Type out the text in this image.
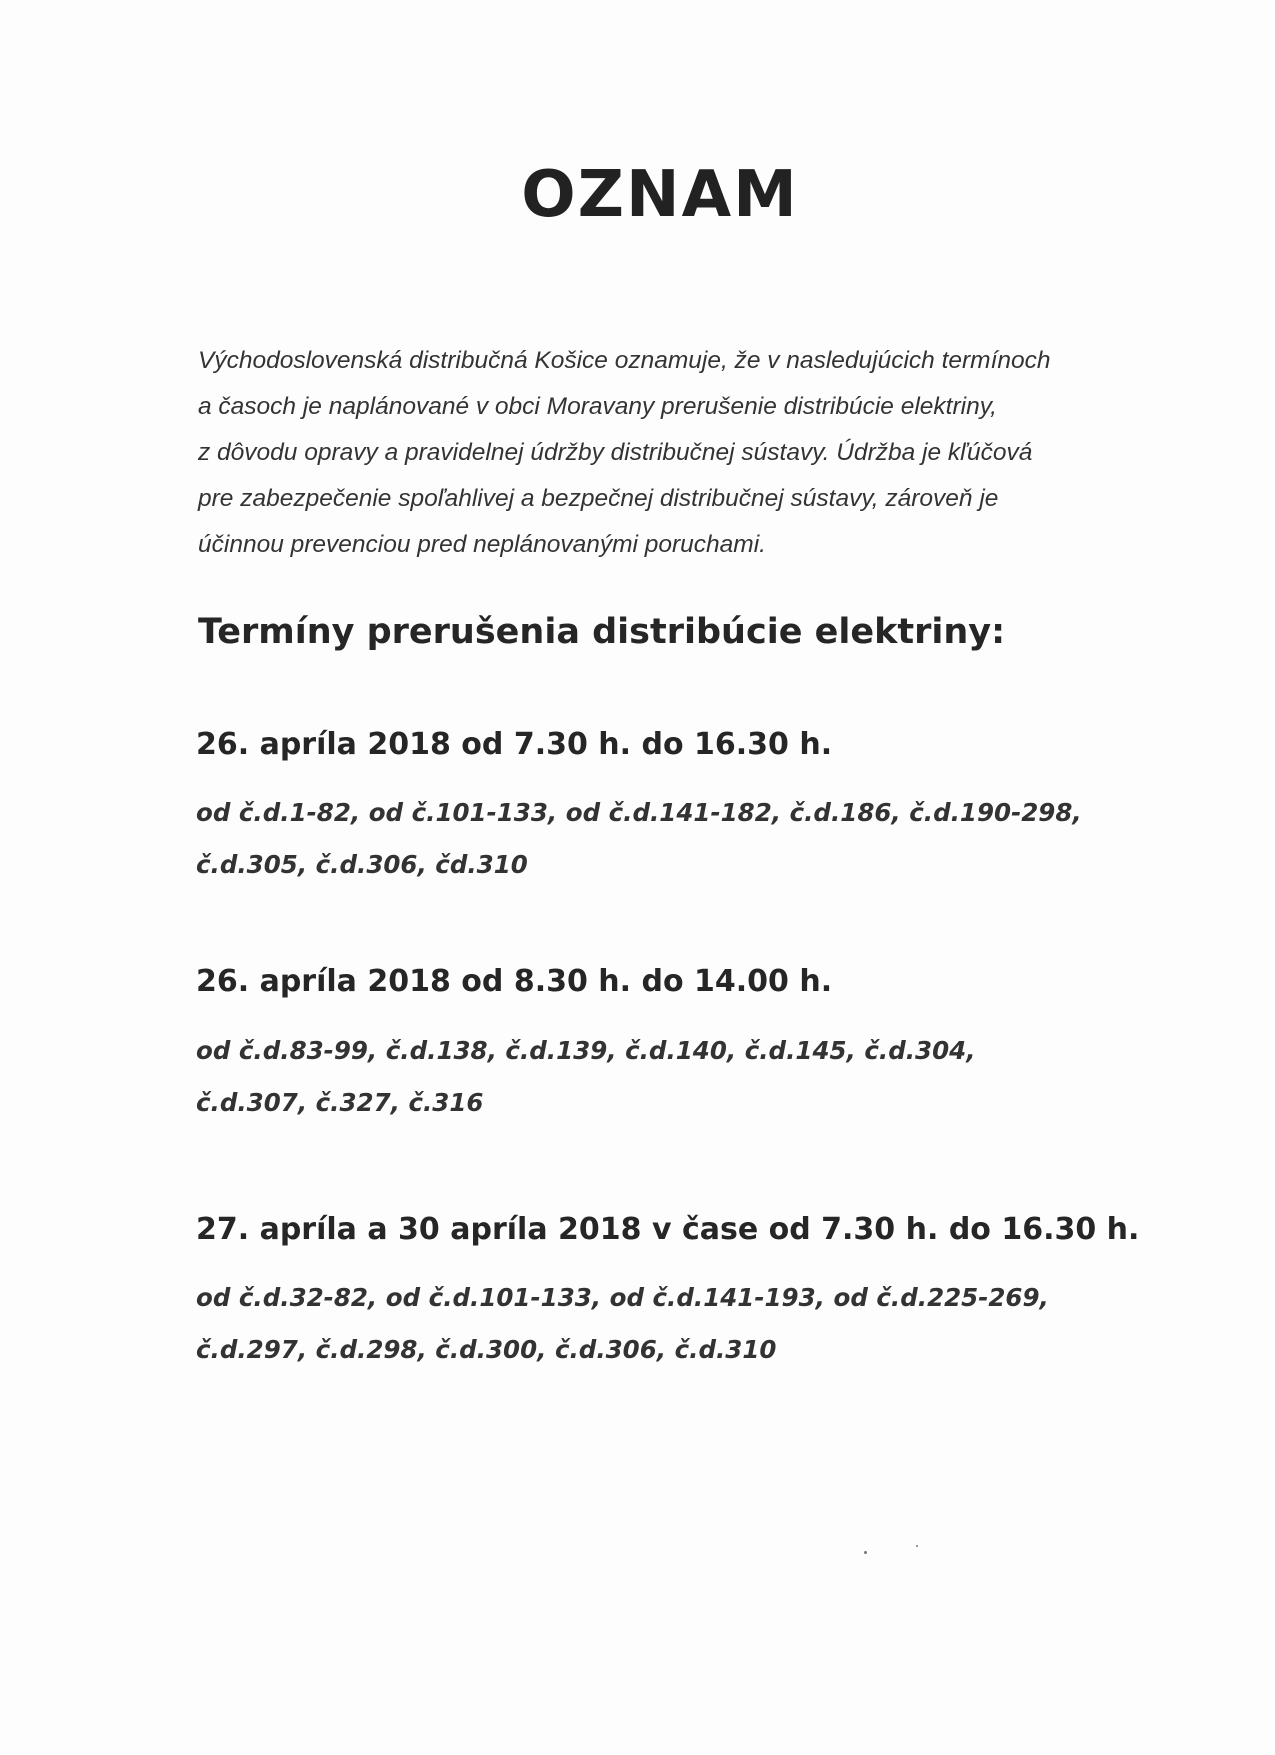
OZNAM

Východoslovenská distribučná Košice oznamuje, že v nasledujúcich termínoch
a časoch je naplánované v obci Moravany prerušenie distribúcie elektriny,
z dôvodu opravy a pravidelnej údržby distribučnej sústavy. Údržba je kľúčová
pre zabezpečenie spoľahlivej a bezpečnej distribučnej sústavy, zároveň je
účinnou prevenciou pred neplánovanými poruchami.

Termíny prerušenia distribúcie elektriny:
26. apríla 2018 od 7.30 h. do 16.30 h.

od č.d.1-82, od č.101-133, od č.d.141-182, č.d.186, č.d.190-298,
č.d.305, č.d.306, čd.310

26. apríla 2018 od 8.30 h. do 14.00 h.

od č.d.83-99, č.d.138, č.d.139, č.d.140, č.d.145, č.d.304,
č.d.307, č.327, č.316

27. apríla a 30 apríla 2018 v čase od 7.30 h. do 16.30 h.

od č.d.32-82, od č.d.101-133, od č.d.141-193, od č.d.225-269,
č.d.297, č.d.298, č.d.300, č.d.306, č.d.310
